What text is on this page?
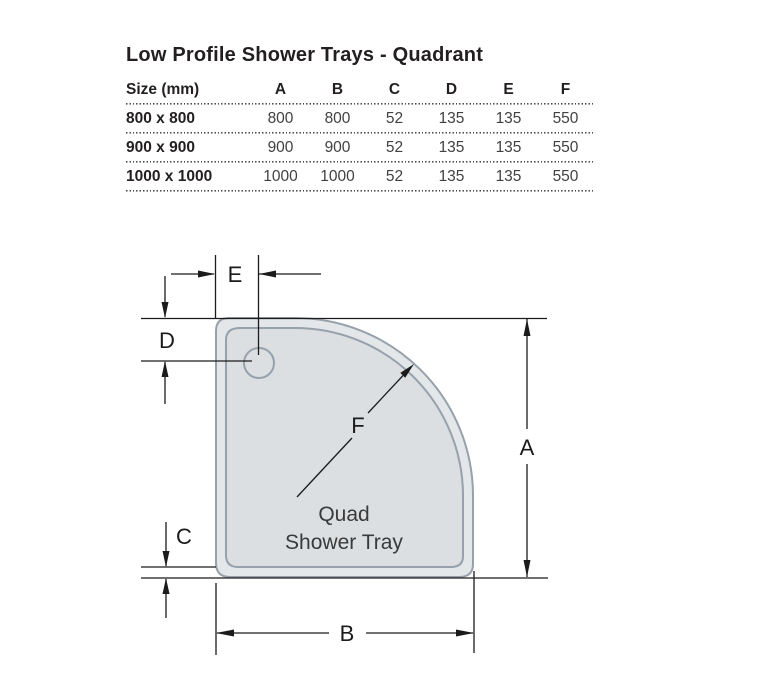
Low Profile Shower Trays - Quadrant
Size (mm)	A	B	C	D	E	F
800 x 800	800	800	52	135	135	550
900 x 900	900	900	52	135	135	550
1000 x 1000	1000	1000	52	135	135	550
E
D
A
B
C
F
Quad
Shower Tray
